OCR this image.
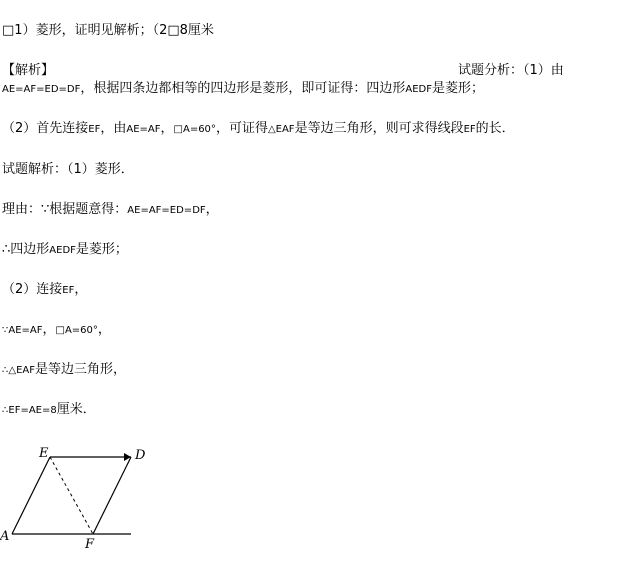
□1）菱形，证明见解析；（2□8厘米
【解析】	试题分析：（1）由
AE=AF=ED=DF，根据四条边都相等的四边形是菱形，即可证得：四边形AEDF是菱形；
（2）首先连接EF，由AE=AF，□A=60°，可证得△EAF是等边三角形，则可求得线段EF的长．
试题解析：（1）菱形．
理由：∵根据题意得：AE=AF=ED=DF，
∴四边形AEDF是菱形；
（2）连接EF，
∵AE=AF，□A=60°，
∴△EAF是等边三角形，
∴EF=AE=8厘米．
E	D
A
F
